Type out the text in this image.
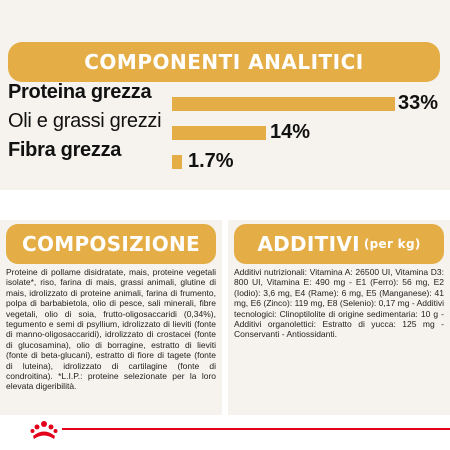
COMPONENTI ANALITICI
Proteina grezza
33%
Oli e grassi grezzi
14%
Fibra grezza
1.7%
COMPOSIZIONE

Proteine di pollame disidratate, mais, proteine vegetali isolate*, riso, farina di mais, grassi animali, glutine di mais, idrolizzato di proteine animali, farina di frumento, polpa di barbabietola, olio di pesce, sali minerali, fibre vegetali, olio di soia, frutto-oligosaccaridi (0,34%), tegumento e semi di psyllium, idrolizzato di lieviti (fonte di manno-oligosaccaridi), idrolizzato di crostacei (fonte di glucosamina), olio di borragine, estratto di lieviti (fonte di beta-glucani), estratto di fiore di tagete (fonte di luteina), idrolizzato di cartilagine (fonte di condroitina). *L.I.P.: proteine selezionate per la loro elevata digeribilità.

ADDITIVI (per kg)

Additivi nutrizionali: Vitamina A: 26500 UI, Vitamina D3: 800 UI, Vitamina E: 490 mg - E1 (Ferro): 56 mg, E2 (Iodio): 3,6 mg, E4 (Rame): 6 mg, E5 (Manganese): 41 mg, E6 (Zinco): 119 mg, E8 (Selenio): 0,17 mg - Additivi tecnologici: Clinoptilolite di origine sedimentaria: 10 g - Additivi organolettici: Estratto di yucca: 125 mg - Conservanti - Antiossidanti.
